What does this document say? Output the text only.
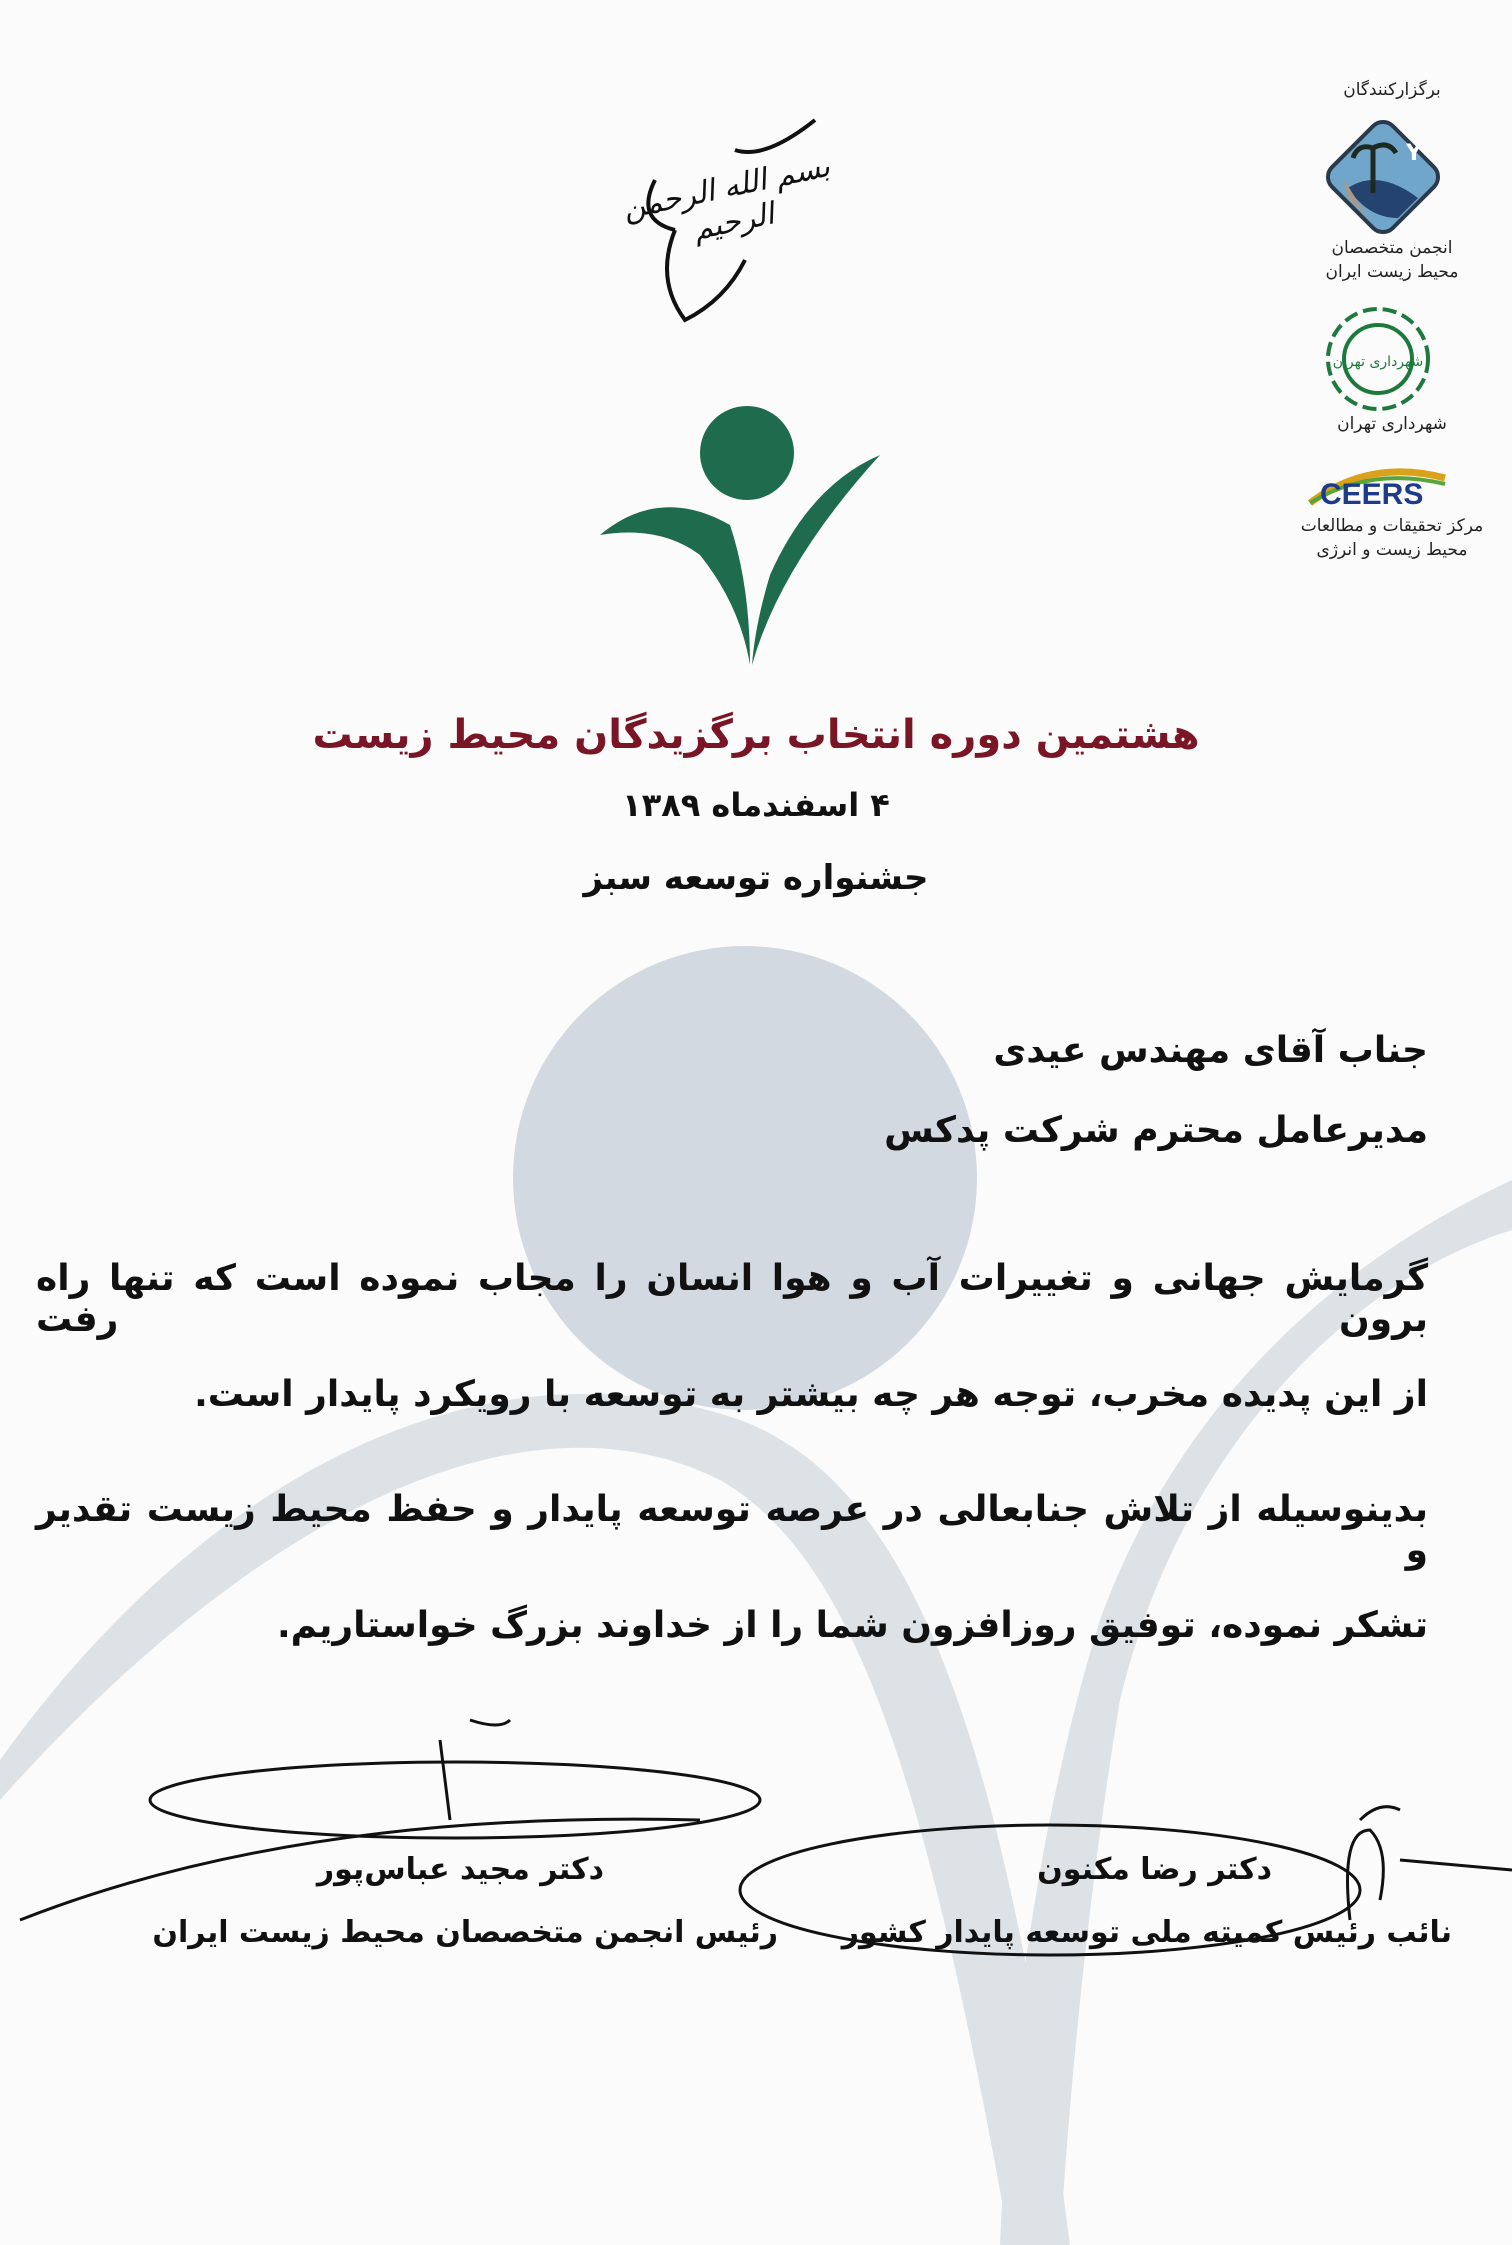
برگزارکنندگان
Y
انجمن متخصصان
محیط زیست ایران
شهرداری تهران
شهرداری تهران
CEERS
مرکز تحقیقات و مطالعات
محیط زیست و انرژی
بسم الله الرحمن الرحیم
هشتمین دوره انتخاب برگزیدگان محیط زیست
۴ اسفندماه ۱۳۸۹
جشنواره توسعه سبز
جناب آقای مهندس عیدی
مدیرعامل محترم شرکت پدکس
گرمایش جهانی و تغییرات آب و هوا انسان را مجاب نموده است که تنها راه برون رفت
از این پدیده مخرب، توجه هر چه بیشتر به توسعه با رویکرد پایدار است.
بدینوسیله از تلاش جنابعالی در عرصه توسعه پایدار و حفظ محیط زیست تقدیر و
تشکر نموده، توفیق روزافزون شما را از خداوند بزرگ خواستاریم.
دکتر رضا مکنون
نائب رئیس کمیته ملی توسعه پایدار کشور
دکتر مجید عباس‌پور
رئیس انجمن متخصصان محیط زیست ایران
